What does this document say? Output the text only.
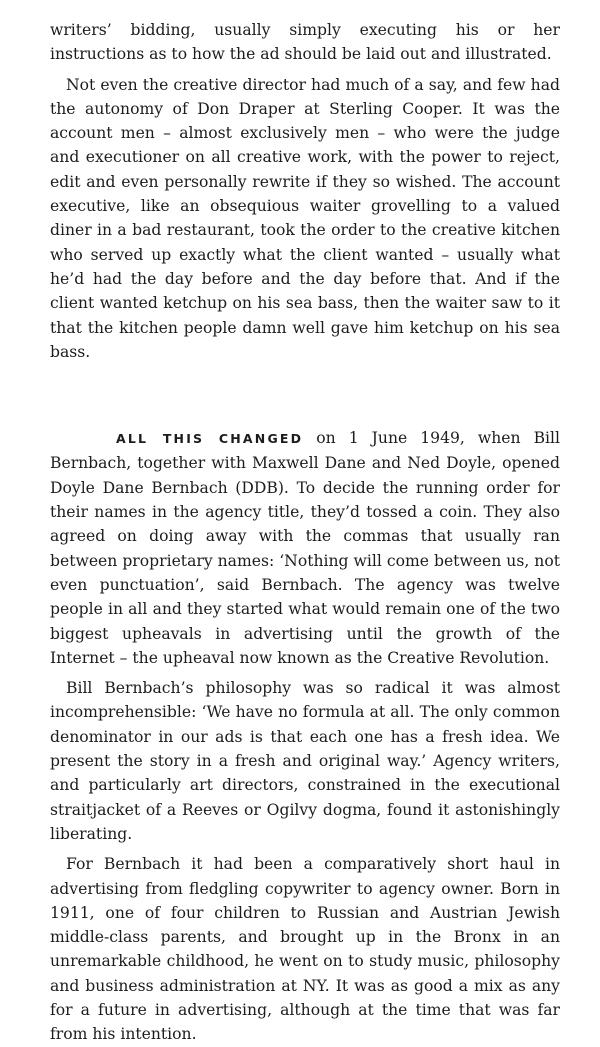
writers’ bidding, usually simply executing his or her instructions as to how the ad should be laid out and illustrated.

Not even the creative director had much of a say, and few had the autonomy of Don Draper at Sterling Cooper. It was the account men – almost exclusively men – who were the judge and executioner on all creative work, with the power to reject, edit and even personally rewrite if they so wished. The account executive, like an obsequious waiter grovelling to a valued diner in a bad restaurant, took the order to the creative kitchen who served up exactly what the client wanted – usually what he’d had the day before and the day before that. And if the client wanted ketchup on his sea bass, then the waiter saw to it that the kitchen people damn well gave him ketchup on his sea bass.

ALL THIS CHANGED on 1 June 1949, when Bill Bernbach, together with Maxwell Dane and Ned Doyle, opened Doyle Dane Bernbach (DDB). To decide the running order for their names in the agency title, they’d tossed a coin. They also agreed on doing away with the commas that usually ran between proprietary names: ‘Nothing will come between us, not even punctuation’, said Bernbach. The agency was twelve people in all and they started what would remain one of the two biggest upheavals in advertising until the growth of the Internet – the upheaval now known as the Creative Revolution.

Bill Bernbach’s philosophy was so radical it was almost incomprehensible: ‘We have no formula at all. The only common denominator in our ads is that each one has a fresh idea. We present the story in a fresh and original way.’ Agency writers, and particularly art directors, constrained in the executional straitjacket of a Reeves or Ogilvy dogma, found it astonishingly liberating.

For Bernbach it had been a comparatively short haul in advertising from fledgling copywriter to agency owner. Born in 1911, one of four children to Russian and Austrian Jewish middle-class parents, and brought up in the Bronx in an unremarkable childhood, he went on to study music, philosophy and business administration at NY. It was as good a mix as any for a future in advertising, although at the time that was far from his intention.
